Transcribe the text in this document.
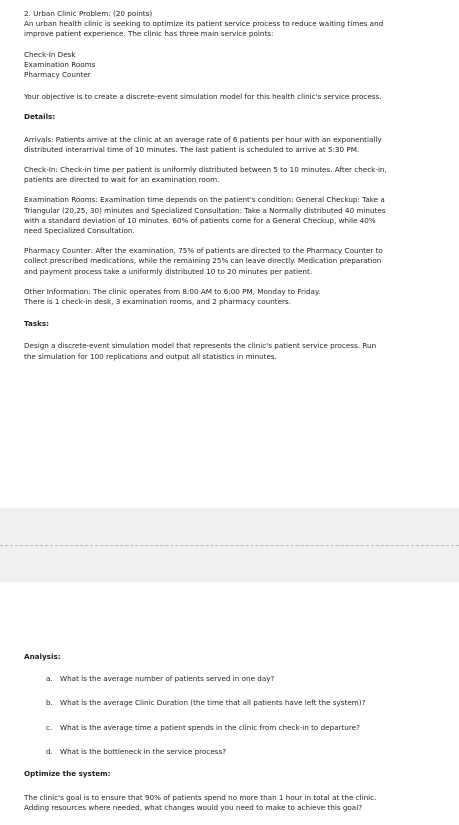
2. Urban Clinic Problem: (20 points)

An urban health clinic is seeking to optimize its patient service process to reduce waiting times and
improve patient experience. The clinic has three main service points:

Check-In Desk
Examination Rooms
Pharmacy Counter

Your objective is to create a discrete-event simulation model for this health clinic's service process.

Details:

Arrivals: Patients arrive at the clinic at an average rate of 6 patients per hour with an exponentially
distributed interarrival time of 10 minutes. The last patient is scheduled to arrive at 5:30 PM.

Check-In: Check-in time per patient is uniformly distributed between 5 to 10 minutes. After check-in,
patients are directed to wait for an examination room.

Examination Rooms: Examination time depends on the patient's condition: General Checkup: Take a
Triangular (20,25, 30) minutes and Specialized Consultation: Take a Normally distributed 40 minutes
with a standard deviation of 10 minutes. 60% of patients come for a General Checkup, while 40%
need Specialized Consultation.

Pharmacy Counter: After the examination, 75% of patients are directed to the Pharmacy Counter to
collect prescribed medications, while the remaining 25% can leave directly. Medication preparation
and payment process take a uniformly distributed 10 to 20 minutes per patient.

Other Information: The clinic operates from 8:00 AM to 6:00 PM, Monday to Friday.
There is 1 check-in desk, 3 examination rooms, and 2 pharmacy counters.

Tasks:

Design a discrete-event simulation model that represents the clinic's patient service process. Run
the simulation for 100 replications and output all statistics in minutes.

Analysis:

a. What is the average number of patients served in one day?
b. What is the average Clinic Duration (the time that all patients have left the system)?
c. What is the average time a patient spends in the clinic from check-in to departure?
d. What is the bottleneck in the service process?

Optimize the system:

The clinic's goal is to ensure that 90% of patients spend no more than 1 hour in total at the clinic.
Adding resources where needed, what changes would you need to make to achieve this goal?
